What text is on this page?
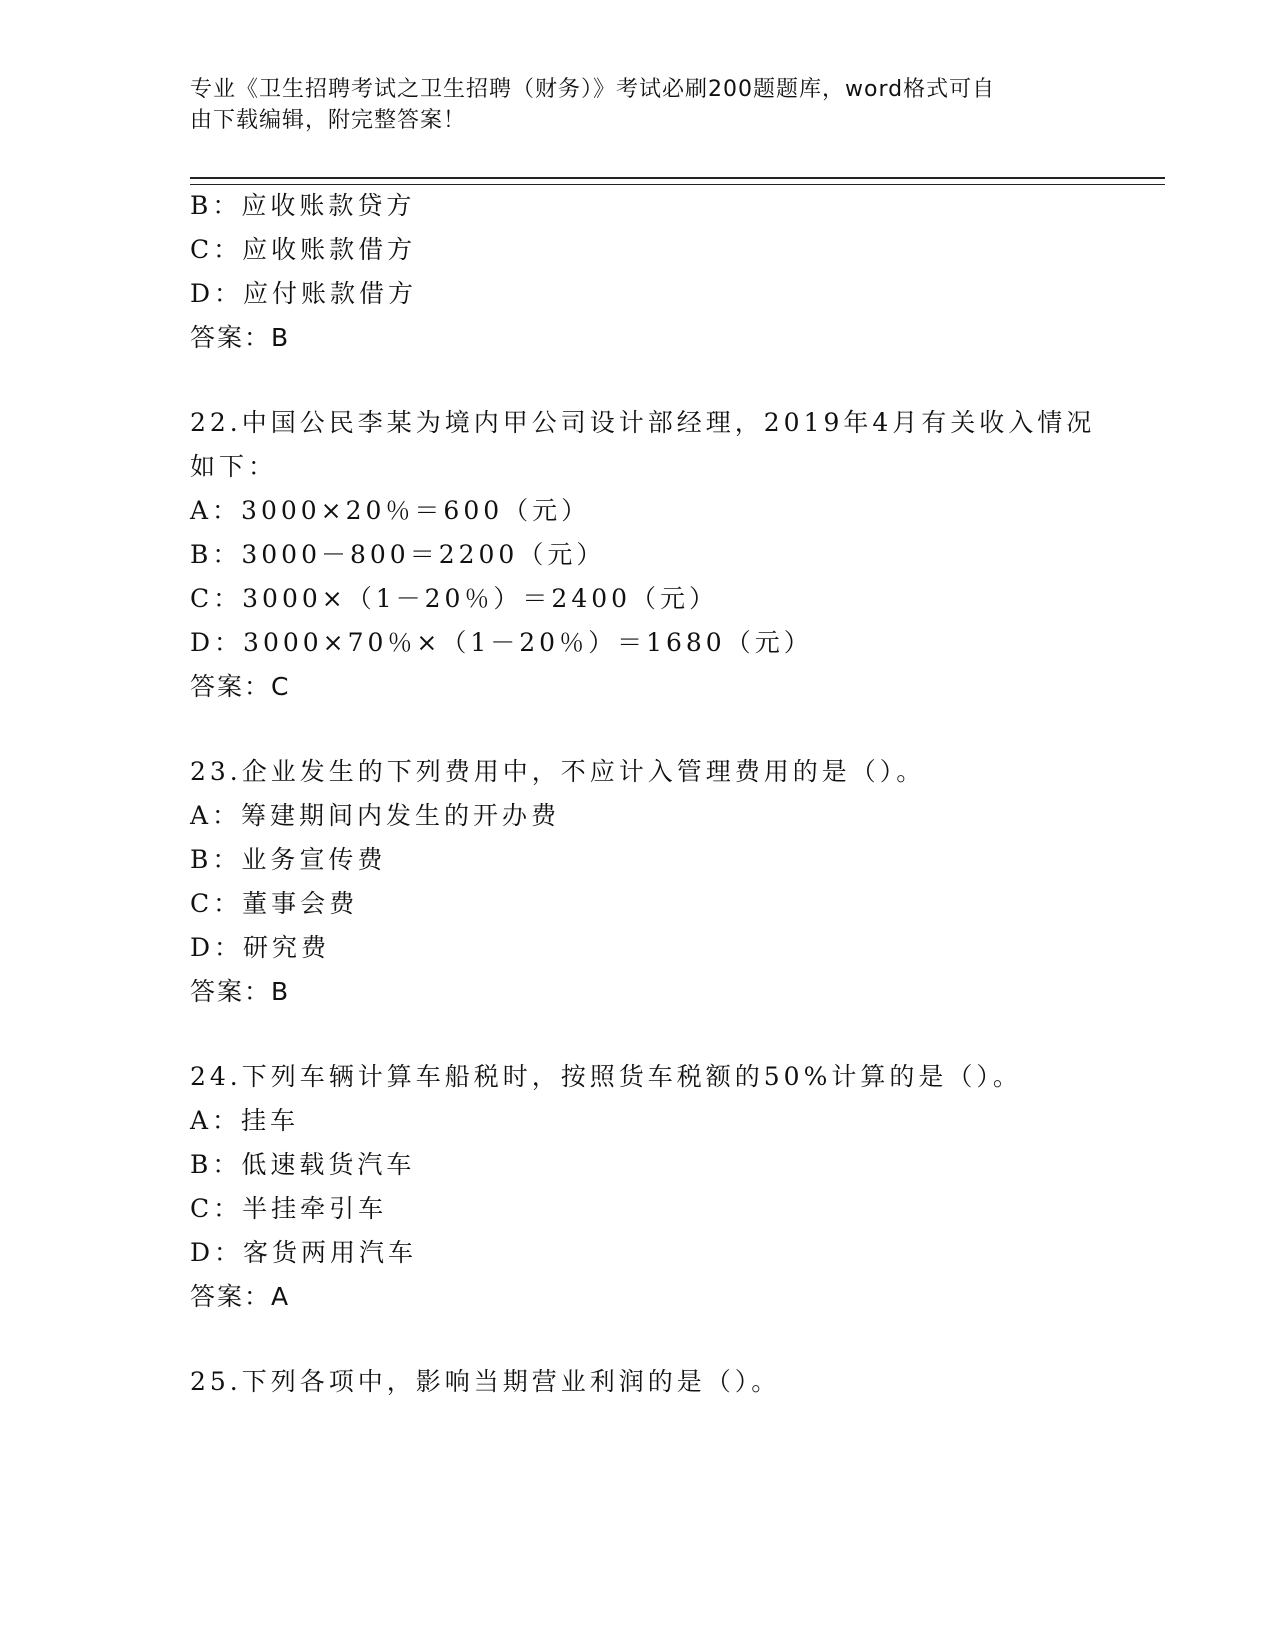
专业《卫生招聘考试之卫生招聘（财务）》考试必刷200题题库，word格式可自
由下载编辑，附完整答案！
B：应收账款贷方
C：应收账款借方
D：应付账款借方
答案：B
22.中国公民李某为境内甲公司设计部经理，2019年4月有关收入情况
如下：
A：3000×20％＝600（元）
B：3000－800＝2200（元）
C：3000×（1－20％）＝2400（元）
D：3000×70％×（1－20％）＝1680（元）
答案：C
23.企业发生的下列费用中，不应计入管理费用的是（）。
A：筹建期间内发生的开办费
B：业务宣传费
C：董事会费
D：研究费
答案：B
24.下列车辆计算车船税时，按照货车税额的50%计算的是（）。
A：挂车
B：低速载货汽车
C：半挂牵引车
D：客货两用汽车
答案：A
25.下列各项中，影响当期营业利润的是（）。
